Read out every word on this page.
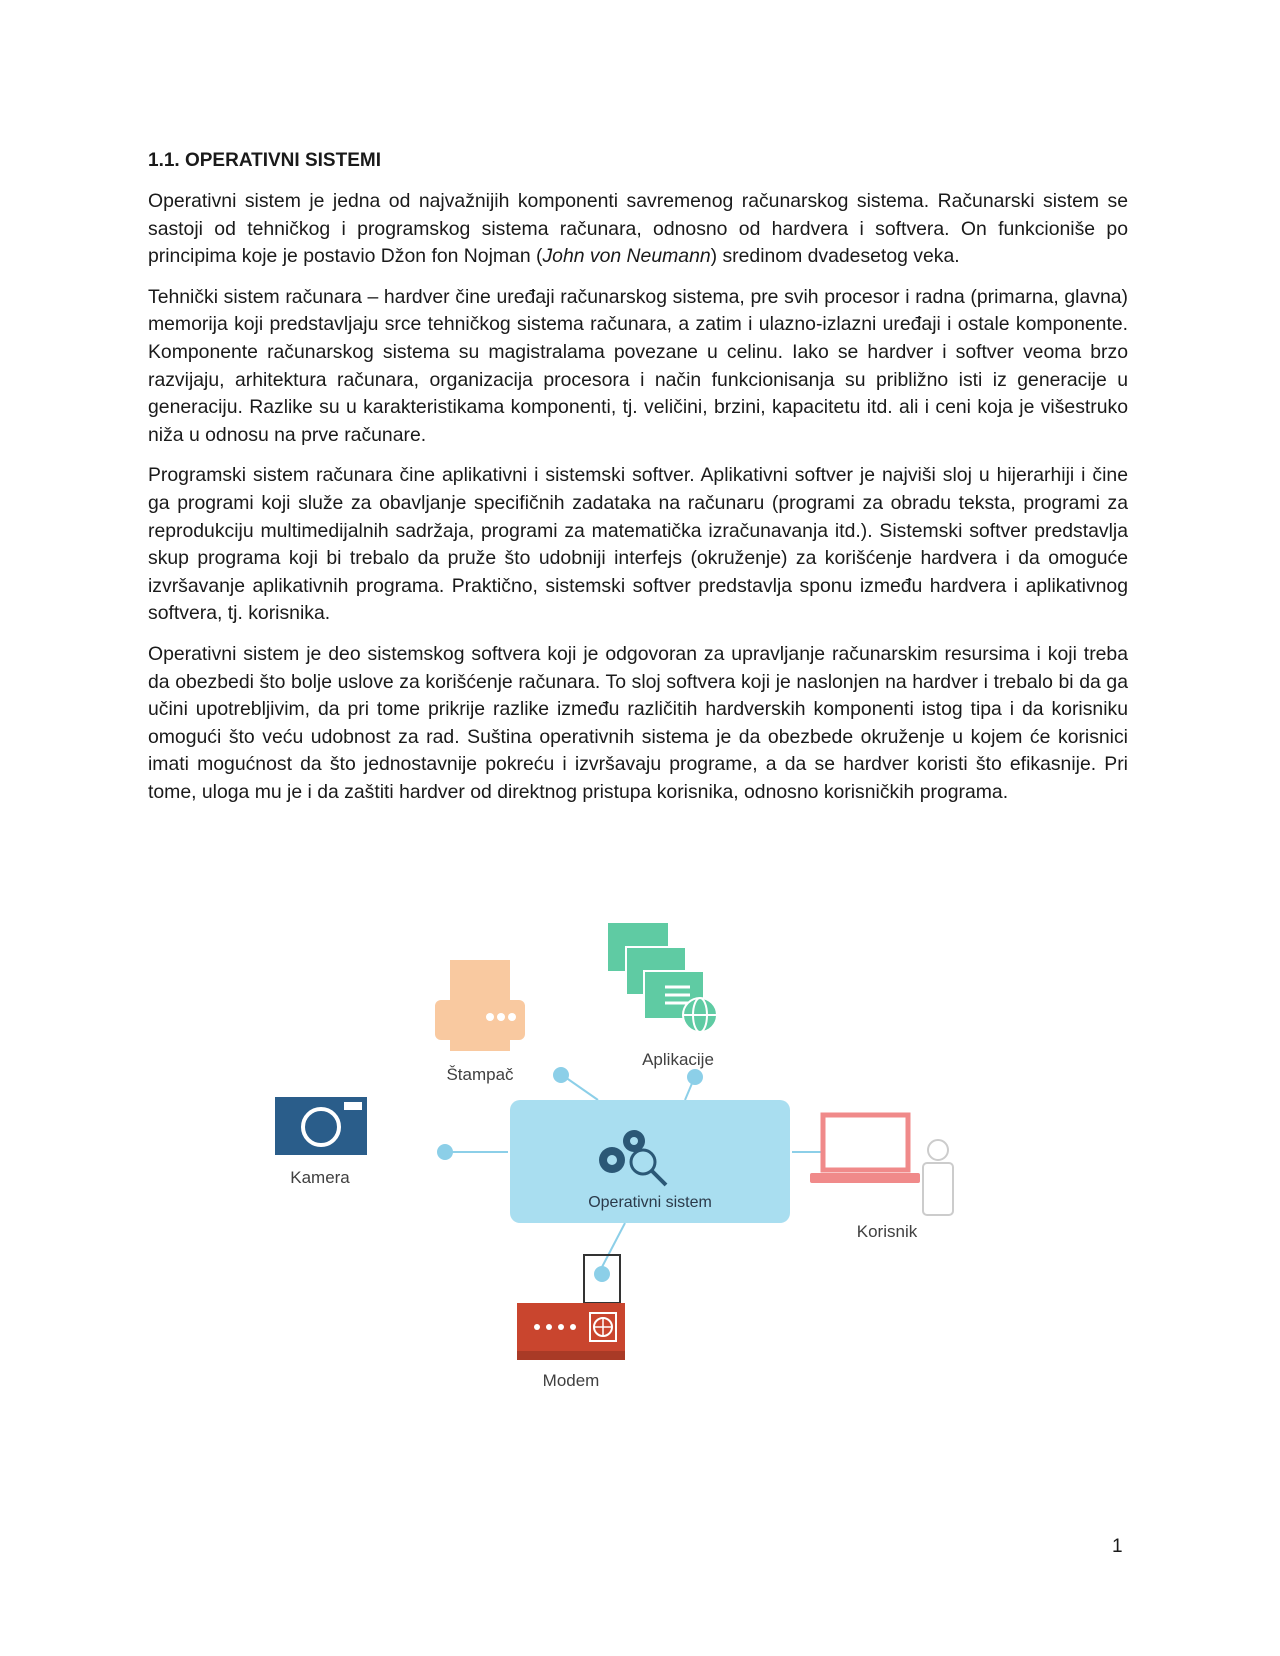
1.1. OPERATIVNI SISTEMI

Operativni sistem je jedna od najvažnijih komponenti savremenog računarskog sistema. Računarski sistem se sastoji od tehničkog i programskog sistema računara, odnosno od hardvera i softvera. On funkcioniše po principima koje je postavio Džon fon Nojman (John von Neumann) sredinom dvadesetog veka.

Tehnički sistem računara – hardver čine uređaji računarskog sistema, pre svih procesor i radna (primarna, glavna) memorija koji predstavljaju srce tehničkog sistema računara, a zatim i ulazno-izlazni uređaji i ostale komponente. Komponente računarskog sistema su magistralama povezane u celinu. Iako se hardver i softver veoma brzo razvijaju, arhitektura računara, organizacija procesora i način funkcionisanja su približno isti iz generacije u generaciju. Razlike su u karakteristikama komponenti, tj. veličini, brzini, kapacitetu itd. ali i ceni koja je višestruko niža u odnosu na prve računare.

Programski sistem računara čine aplikativni i sistemski softver. Aplikativni softver je najviši sloj u hijerarhiji i čine ga programi koji služe za obavljanje specifičnih zadataka na računaru (programi za obradu teksta, programi za reprodukciju multimedijalnih sadržaja, programi za matematička izračunavanja itd.). Sistemski softver predstavlja skup programa koji bi trebalo da pruže što udobniji interfejs (okruženje) za korišćenje hardvera i da omoguće izvršavanje aplikativnih programa. Praktično, sistemski softver predstavlja sponu između hardvera i aplikativnog softvera, tj. korisnika.

Operativni sistem je deo sistemskog softvera koji je odgovoran za upravljanje računarskim resursima i koji treba da obezbedi što bolje uslove za korišćenje računara. To sloj softvera koji je naslonjen na hardver i trebalo bi da ga učini upotrebljivim, da pri tome prikrije razlike između različitih hardverskih komponenti istog tipa i da korisniku omogući što veću udobnost za rad. Suština operativnih sistema je da obezbede okruženje u kojem će korisnici imati mogućnost da što jednostavnije pokreću i izvršavaju programe, a da se hardver koristi što efikasnije. Pri tome, uloga mu je i da zaštiti hardver od direktnog pristupa korisnika, odnosno korisničkih programa.

Operativni sistem
Štampač
Aplikacije
Kamera
Korisnik
Modem
1
